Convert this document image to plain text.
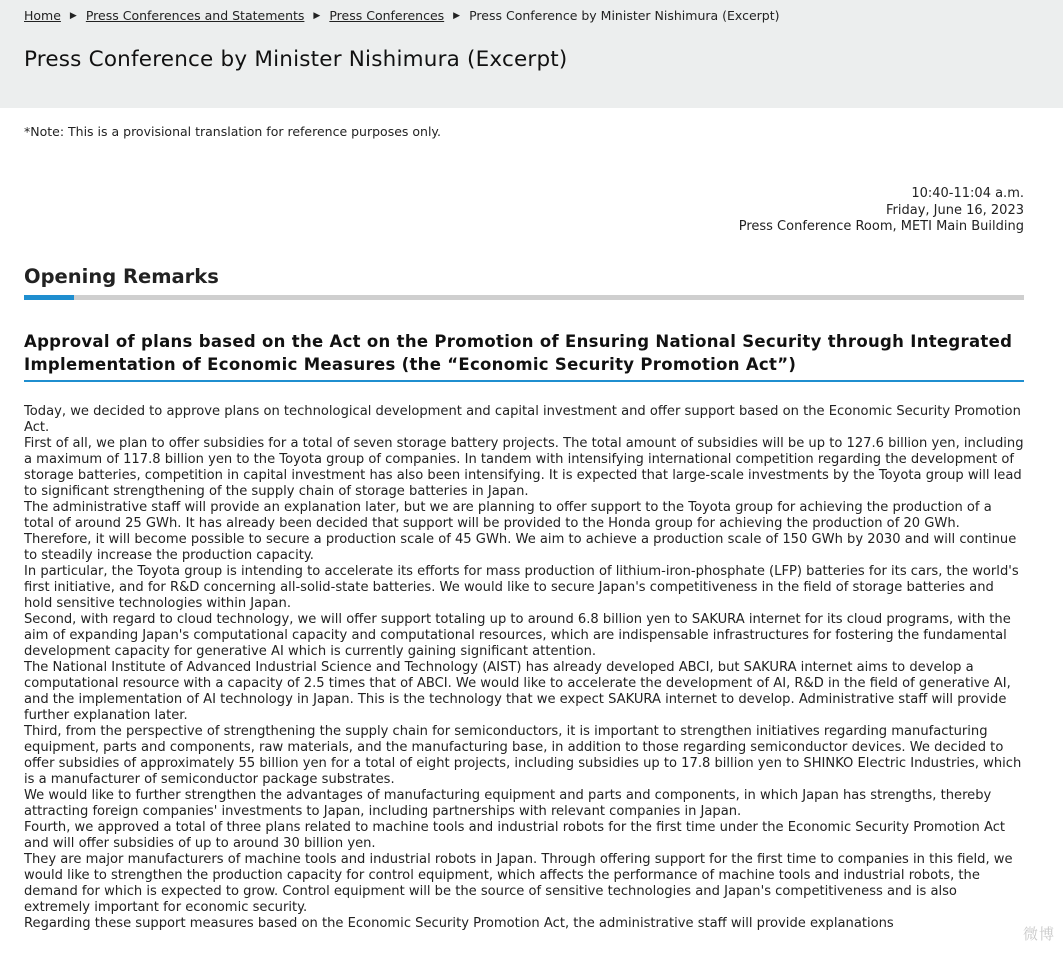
Home ▶ Press Conferences and Statements ▶ Press Conferences ▶ Press Conference by Minister Nishimura (Excerpt)
Press Conference by Minister Nishimura (Excerpt)
*Note: This is a provisional translation for reference purposes only.
10:40-11:04 a.m.
Friday, June 16, 2023
Press Conference Room, METI Main Building
Opening Remarks
Approval of plans based on the Act on the Promotion of Ensuring National Security through Integrated Implementation of Economic Measures (the “Economic Security Promotion Act”)

Today, we decided to approve plans on technological development and capital investment and offer support based on the Economic Security Promotion Act.

First of all, we plan to offer subsidies for a total of seven storage battery projects. The total amount of subsidies will be up to 127.6 billion yen, including a maximum of 117.8 billion yen to the Toyota group of companies.
In tandem with intensifying international competition regarding the development of storage batteries, competition in capital investment has also been intensifying. It is expected that large-scale investments by the Toyota group will lead to significant strengthening of the supply chain of storage batteries in Japan.

The administrative staff will provide an explanation later, but we are planning to offer support to the Toyota group for achieving the production of a total of around 25 GWh. It has already been decided that support will be provided to the Honda group for achieving the production of 20 GWh. Therefore, it will become possible to secure a production scale of 45 GWh. We aim to achieve a production scale of 150 GWh by 2030 and will continue to steadily increase the production capacity.

In particular, the Toyota group is intending to accelerate its efforts for mass production of lithium-iron-phosphate (LFP) batteries for its cars, the world's first initiative, and for R&D concerning all-solid-state batteries. We would like to secure Japan's competitiveness in the field of storage batteries and hold sensitive technologies within Japan.

Second, with regard to cloud technology, we will offer support totaling up to around 6.8 billion yen to SAKURA internet for its cloud programs, with the aim of expanding Japan's computational capacity and computational resources, which are indispensable infrastructures for fostering the fundamental development capacity for generative AI which is currently gaining significant attention.

The National Institute of Advanced Industrial Science and Technology (AIST) has already developed ABCI, but SAKURA internet aims to develop a computational resource with a capacity of 2.5 times that of ABCI. We would like to accelerate the development of AI, R&D in the field of generative AI, and the implementation of AI technology in Japan. This is the technology that we expect SAKURA internet to develop. Administrative staff will provide further explanation later.

Third, from the perspective of strengthening the supply chain for semiconductors, it is important to strengthen initiatives regarding manufacturing equipment, parts and components, raw materials, and the manufacturing base, in addition to those regarding semiconductor devices. We decided to offer subsidies of approximately 55 billion yen for a total of eight projects, including subsidies up to 17.8 billion yen to SHINKO Electric Industries, which is a manufacturer of semiconductor package substrates.

We would like to further strengthen the advantages of manufacturing equipment and parts and components, in which Japan has strengths, thereby attracting foreign companies' investments to Japan, including partnerships with relevant companies in Japan.

Fourth, we approved a total of three plans related to machine tools and industrial robots for the first time under the Economic Security Promotion Act and will offer subsidies of up to around 30 billion yen.

They are major manufacturers of machine tools and industrial robots in Japan. Through offering support for the first time to companies in this field, we would like to strengthen the production capacity for control equipment, which affects the performance of machine tools and industrial robots, the demand for which is expected to grow. Control equipment will be the source of sensitive technologies and Japan's competitiveness and is also extremely important for economic security.

Regarding these support measures based on the Economic Security Promotion Act, the administrative staff will provide explanations

微博
